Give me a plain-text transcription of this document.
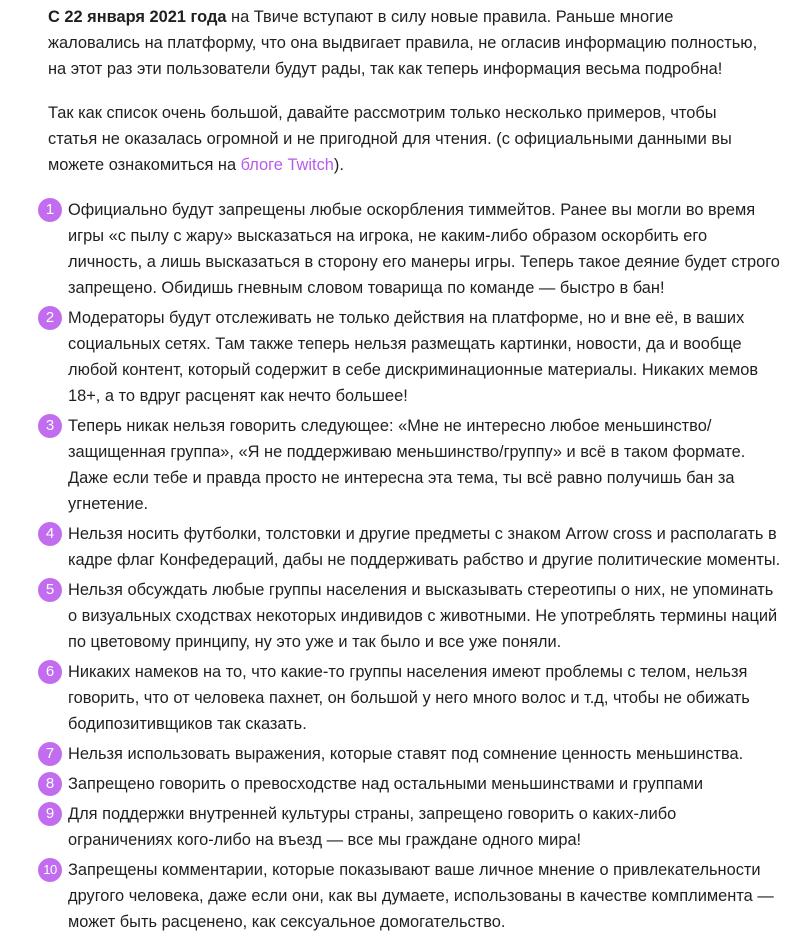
С 22 января 2021 года на Твиче вступают в силу новые правила. Раньше многие жаловались на платформу, что она выдвигает правила, не огласив информацию полностью, на этот раз эти пользователи будут рады, так как теперь информация весьма подробна!

Так как список очень большой, давайте рассмотрим только несколько примеров, чтобы статья не оказалась огромной и не пригодной для чтения. (с официальными данными вы можете ознакомиться на блоге Twitch).

1 Официально будут запрещены любые оскорбления тиммейтов. Ранее вы могли во время игры «с пылу с жару» высказаться на игрока, не каким-либо образом оскорбить его личность, а лишь высказаться в сторону его манеры игры. Теперь такое деяние будет строго запрещено. Обидишь гневным словом товарища по команде — быстро в бан!
2 Модераторы будут отслеживать не только действия на платформе, но и вне её, в ваших социальных сетях. Там также теперь нельзя размещать картинки, новости, да и вообще любой контент, который содержит в себе дискриминационные материалы. Никаких мемов 18+, а то вдруг расценят как нечто большее!
3 Теперь никак нельзя говорить следующее: «Мне не интересно любое меньшинство/защищенная группа», «Я не поддерживаю меньшинство/группу» и всё в таком формате. Даже если тебе и правда просто не интересна эта тема, ты всё равно получишь бан за угнетение.
4 Нельзя носить футболки, толстовки и другие предметы с знаком Arrow cross и располагать в кадре флаг Конфедераций, дабы не поддерживать рабство и другие политические моменты.
5 Нельзя обсуждать любые группы населения и высказывать стереотипы о них, не упоминать о визуальных сходствах некоторых индивидов с животными. Не употреблять термины наций по цветовому принципу, ну это уже и так было и все уже поняли.
6 Никаких намеков на то, что какие-то группы населения имеют проблемы с телом, нельзя говорить, что от человека пахнет, он большой у него много волос и т.д, чтобы не обижать бодипозитивщиков так сказать.
7 Нельзя использовать выражения, которые ставят под сомнение ценность меньшинства.
8 Запрещено говорить о превосходстве над остальными меньшинствами и группами
9 Для поддержки внутренней культуры страны, запрещено говорить о каких-либо ограничениях кого-либо на въезд — все мы граждане одного мира!
10 Запрещены комментарии, которые показывают ваше личное мнение о привлекательности другого человека, даже если они, как вы думаете, использованы в качестве комплимента — может быть расценено, как сексуальное домогательство.
